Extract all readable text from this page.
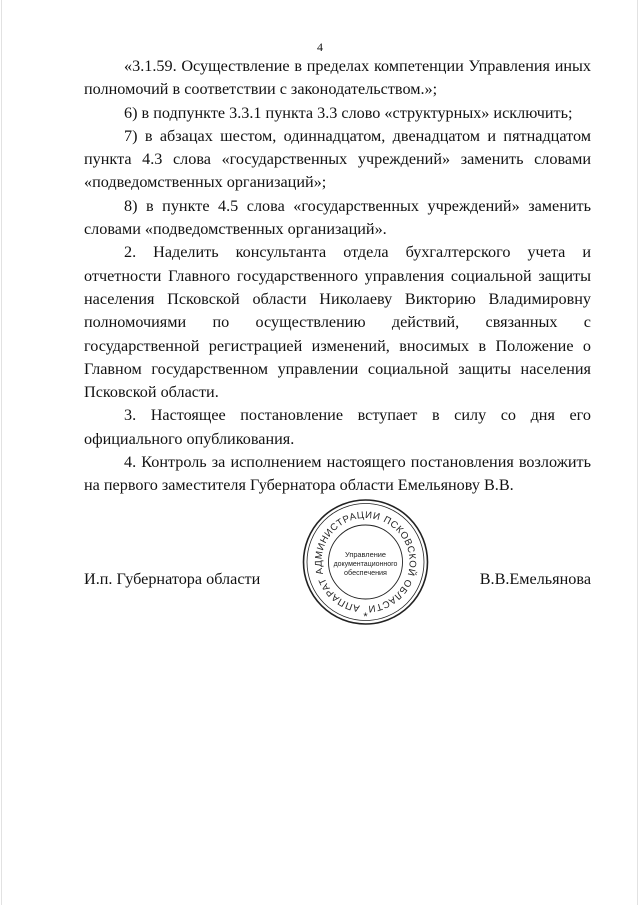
4

«3.1.59. Осуществление в пределах компетенции Управления иных полномочий в соответствии с законодательством.»;

6) в подпункте 3.3.1 пункта 3.3 слово «структурных» исключить;

7) в абзацах шестом, одиннадцатом, двенадцатом и пятнадцатом пункта 4.3 слова «государственных учреждений» заменить словами «подведомственных организаций»;

8) в пункте 4.5 слова «государственных учреждений» заменить словами «подведомственных организаций».

2. Наделить консультанта отдела бухгалтерского учета и отчетности Главного государственного управления социальной защиты населения Псковской области Николаеву Викторию Владимировну полномочиями по осуществлению действий, связанных с государственной регистрацией изменений, вносимых в Положение о Главном государственном управлении социальной защиты населения Псковской области.

3. Настоящее постановление вступает в силу со дня его официального опубликования.

4. Контроль за исполнением настоящего постановления возложить на первого заместителя Губернатора области Емельянову В.В.

И.п. Губернатора области	В.В.Емельянова
АППАРАТ АДМИНИСТРАЦИИ ПСКОВСКОЙ ОБЛАСТИ
Управление
документационного
обеспечения
*
